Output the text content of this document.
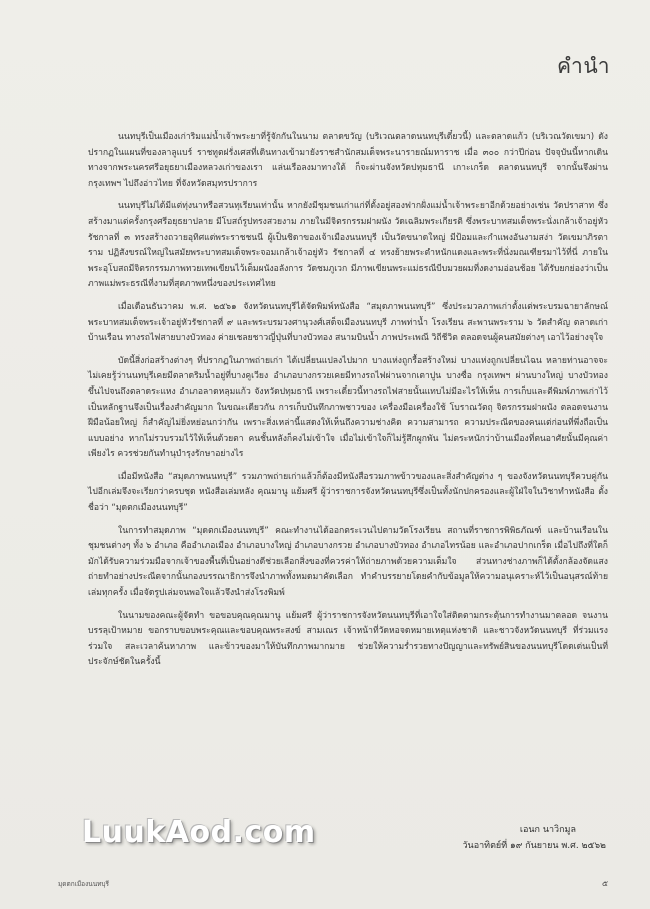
คำนำ

นนทบุรีเป็นเมืองเก่าริมแม่น้ำเจ้าพระยาที่รู้จักกันในนาม ตลาดขวัญ (บริเวณตลาดนนทบุรีเดี๋ยวนี้) และตลาดแก้ว (บริเวณวัดเขมา) ดังปรากฏในแผนที่ของลาลูแบร์ ราชทูตฝรั่งเศสที่เดินทางเข้ามายังราชสำนักสมเด็จพระนารายณ์มหาราช เมื่อ ๓๐๐ กว่าปีก่อน ปัจจุบันนี้หากเดินทางจากพระนครศรีอยุธยาเมืองหลวงเก่าของเรา แล่นเรือลงมาทางใต้ ก็จะผ่านจังหวัดปทุมธานี เกาะเกร็ด ตลาดนนทบุรี จากนั้นจึงผ่านกรุงเทพฯ ไปถึงอ่าวไทย ที่จังหวัดสมุทรปราการ

นนทบุรีไม่ได้มีแต่ทุ่งนาหรือสวนทุเรียนเท่านั้น หากยังมีชุมชนเก่าแก่ที่ตั้งอยู่สองฟากฝั่งแม่น้ำเจ้าพระยาอีกด้วยอย่างเช่น วัดปราสาท ซึ่งสร้างมาแต่ครั้งกรุงศรีอยุธยาปลาย มีโบสถ์รูปทรงสวยงาม ภายในมีจิตรกรรมฝาผนัง วัดเฉลิมพระเกียรติ ซึ่งพระบาทสมเด็จพระนั่งเกล้าเจ้าอยู่หัวรัชกาลที่ ๓ ทรงสร้างถวายอุทิศแด่พระราชชนนี ผู้เป็นชิดาของเจ้าเมืองนนทบุรี เป็นวัดขนาดใหญ่ มีป้อมและกำแพงอันงามสง่า วัดเขมาภิรตาราม ปฏิสังขรณ์ใหญ่ในสมัยพระบาทสมเด็จพระจอมเกล้าเจ้าอยู่หัว รัชกาลที่ ๔ ทรงย้ายพระตำหนักแดงและพระที่นั่งมณเฑียรมาไว้ที่นี่ ภายในพระอุโบสถมีจิตรกรรมภาพทวยเทพเขียนไว้เต็มผนังอลังการ วัดชมภูเวก มีภาพเขียนพระแม่ธรณีบีบมวยผมที่งดงามอ่อนช้อย ได้รับยกย่องว่าเป็นภาพแม่พระธรณีที่งามที่สุดภาพหนึ่งของประเทศไทย

เมื่อเดือนธันวาคม พ.ศ. ๒๕๖๑ จังหวัดนนทบุรีได้จัดพิมพ์หนังสือ “สมุดภาพนนทบุรี” ซึ่งประมวลภาพเก่าตั้งแต่พระบรมฉายาลักษณ์พระบาทสมเด็จพระเจ้าอยู่หัวรัชกาลที่ ๙ และพระบรมวงศานุวงศ์เสด็จเมืองนนทบุรี ภาพท่าน้ำ โรงเรียน สะพานพระราม ๖ วัดสำคัญ ตลาดเก่า บ้านเรือน ทางรถไฟสายบางบัวทอง ค่ายเชลยชาวญี่ปุ่นที่บางบัวทอง สนามบินน้ำ ภาพประเพณี วิถีชีวิต ตลอดจนผู้คนสมัยต่างๆ เอาไว้อย่างจุใจ

บัดนี้สิ่งก่อสร้างต่างๆ ที่ปรากฏในภาพถ่ายเก่า ได้เปลี่ยนแปลงไปมาก บางแห่งถูกรื้อสร้างใหม่ บางแห่งถูกเปลี่ยนไฉน หลายท่านอาจจะไม่เคยรู้ว่านนทบุรีเคยมีตลาดริมน้ำอยู่ที่บางคูเวียง อำเภอบางกรวยเคยมีทางรถไฟผ่านจากเตาปูน บางซื่อ กรุงเทพฯ ผ่านบางใหญ่ บางบัวทอง ขึ้นไปจนถึงตลาดระแหง อำเภอลาดหลุมแก้ว จังหวัดปทุมธานี เพราะเดี๋ยวนี้ทางรถไฟสายนั้นแทบไม่มีอะไรให้เห็น การเก็บและตีพิมพ์ภาพเก่าไว้เป็นหลักฐานจึงเป็นเรื่องสำคัญมาก ในขณะเดียวกัน การเก็บบันทึกภาพชาวของ เครื่องมือเครื่องใช้ โบราณวัตถุ จิตรกรรมฝาผนัง ตลอดจนงานฝีมือน้อยใหญ่ ก็สำคัญไม่ยิ่งหย่อนกว่ากัน เพราะสิ่งเหล่านี้แสดงให้เห็นถึงความช่างคิด ความสามารถ ความประณีตของคนแต่ก่อนที่พึ่งถือเป็นแบบอย่าง หากไม่รวบรวมไว้ให้เห็นด้วยตา คนชั้นหลังก็คงไม่เข้าใจ เมื่อไม่เข้าใจก็ไม่รู้สึกผูกพัน ไม่ตระหนักว่าบ้านเมืองที่ตนอาศัยนั้นมีคุณค่าเพียงไร ควรช่วยกันทำนุบำรุงรักษาอย่างไร

เมื่อมีหนังสือ “สมุดภาพนนทบุรี” รวมภาพถ่ายเก่าแล้วก็ต้องมีหนังสือรวมภาพข้าวของและสิ่งสำคัญต่าง ๆ ของจังหวัดนนทบุรีควบคู่กันไปอีกเล่มจึงจะเรียกว่าครบชุด หนังสือเล่มหลัง คุณมานู แย้มศรี ผู้ว่าราชการจังหวัดนนทบุรีซึ่งเป็นทั้งนักปกครองและผู้ใฝ่ใจในวิชาทำหนังสือ ตั้งชื่อว่า “มุดตกเมืองนนทบุรี”

ในการทำสมุดภาพ “มุดตกเมืองนนทบุรี” คณะทำงานได้ออกตระเวนไปตามวัดโรงเรียน สถานที่ราชการพิพิธภัณฑ์ และบ้านเรือนในชุมชนต่างๆ ทั้ง ๖ อำเภอ คืออำเภอเมือง อำเภอบางใหญ่ อำเภอบางกรวย อำเภอบางบัวทอง อำเภอไทรน้อย และอำเภอปากเกร็ด เมื่อไปถึงที่ใดก็มักได้รับความร่วมมือจากเจ้าของพื้นที่เป็นอย่างดีช่วยเลือกสิ่งของที่ควรค่าให้ถ่ายภาพด้วยความเต็มใจ ส่วนทางช่างภาพก็ได้ตั้งกล้องจัดแสง ถ่ายทำอย่างประณีตจากนั้นกองบรรณาธิการจึงนำภาพทั้งหมดมาคัดเลือก ทำคำบรรยายโดยคำกับข้อมูลให้ความอนุเคราะห์ไว้เป็นอนุสรณ์ท้ายเล่มทุกครั้ง เมื่อจัดรูปเล่มจนพอใจแล้วจึงนำส่งโรงพิมพ์

ในนามของคณะผู้จัดทำ ขอขอบคุณคุณมานู แย้มศรี ผู้ว่าราชการจังหวัดนนทบุรีที่เอาใจใส่ติดตามกระตุ้นการทำงานมาตลอด จนงานบรรลุเป้าหมาย ขอกราบขอบพระคุณและขอบคุณพระสงฆ์ สามเณร เจ้าหน้าที่วัดหอจดหมายเหตุแห่งชาติ และชาวจังหวัดนนทบุรี ที่ร่วมแรงร่วมใจ สละเวลาค้นหาภาพ และข้าวของมาให้บันทึกภาพมากมาย ช่วยให้ความร่ำรวยทางปัญญาและทรัพย์สินของนนทบุรีโดดเด่นเป็นที่ประจักษ์ชัดในครั้งนี้

LuukAod.com	เอนก นาวิกมูล
วันอาทิตย์ที่ ๑๙ กันยายน พ.ศ. ๒๕๖๒
มุดตกเมืองนนทบุรี	๕
